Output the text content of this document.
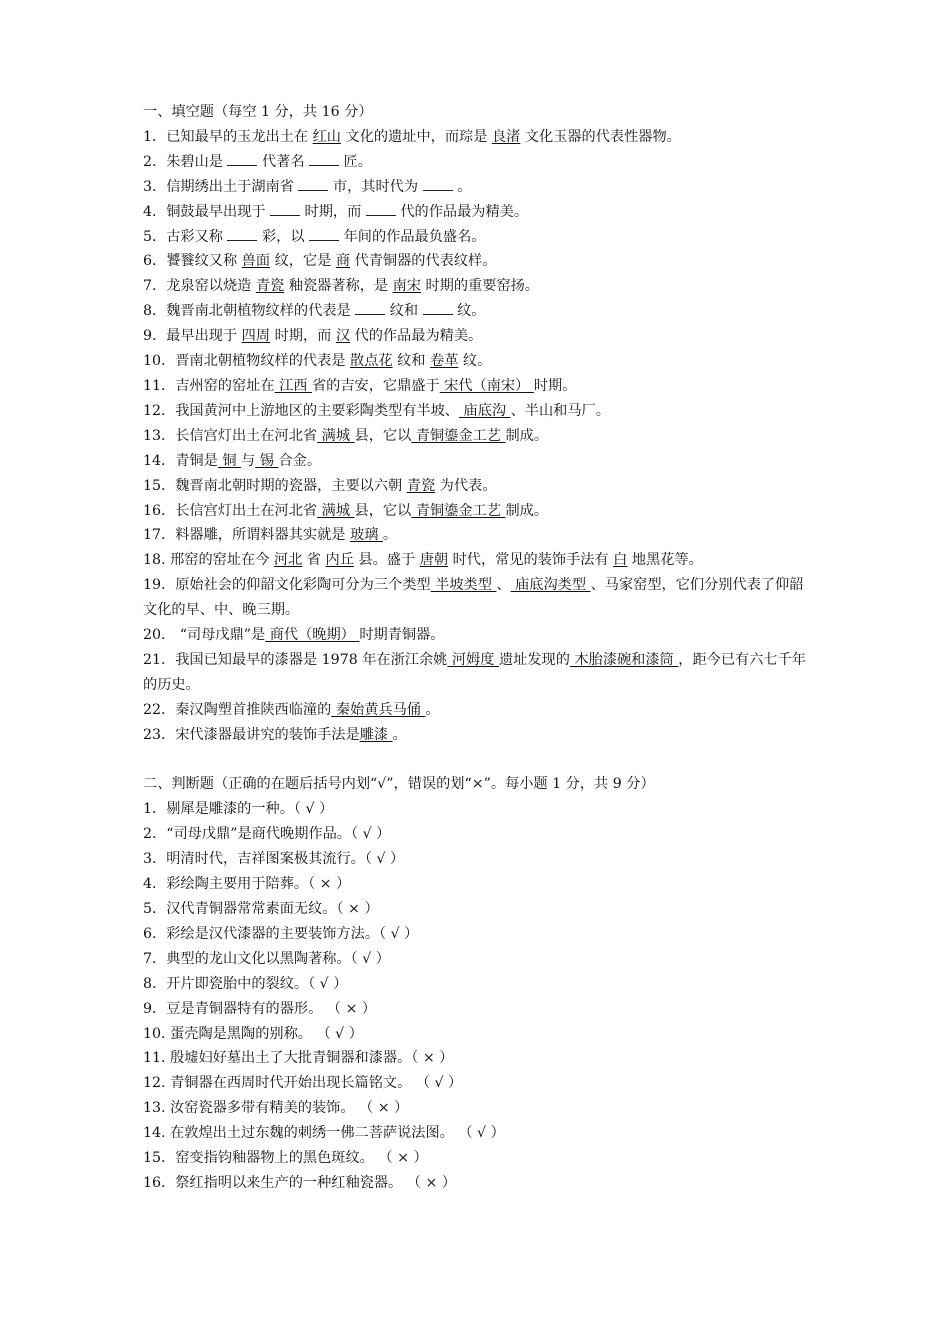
一、填空题（每空 1 分，共 16 分）
1．已知最早的玉龙出土在 红山 文化的遗址中，而琮是 良渚 文化玉器的代表性器物。
2．朱碧山是  代著名  匠。
3．信期绣出土于湖南省  市，其时代为  。
4．铜鼓最早出现于  时期，而  代的作品最为精美。
5．古彩又称  彩，以  年间的作品最负盛名。
6．饕餮纹又称 兽面 纹，它是 商 代青铜器的代表纹样。
7．龙泉窑以烧造 青瓷 釉瓷器著称，是 南宋 时期的重要窑扬。
8．魏晋南北朝植物纹样的代表是  纹和  纹。
9．最早出现于 四周 时期，而 汉 代的作品最为精美。
10．晋南北朝植物纹样的代表是 散点花 纹和 卷革 纹。
11．吉州窑的窑址在 江西 省的吉安，它鼎盛于 宋代（南宋） 时期。
12．我国黄河中上游地区的主要彩陶类型有半坡、 庙底沟 、半山和马厂。
13．长信宫灯出土在河北省 满城 县，它以 青铜鎏金工艺 制成。
14．青铜是 铜 与 锡 合金。
15．魏晋南北朝时期的瓷器，主要以六朝 青瓷 为代表。
16．长信宫灯出土在河北省 满城 县，它以 青铜鎏金工艺 制成。
17．料器雕，所谓料器其实就是 玻璃 。
18. 邢窑的窑址在今 河北 省 内丘 县。盛于 唐朝 时代，常见的装饰手法有 白 地黑花等。
19．原始社会的仰韶文化彩陶可分为三个类型 半坡类型 、 庙底沟类型 、马家窑型，它们分别代表了仰韶文化的早、中、晚三期。
20． “司母戊鼎”是 商代（晚期） 时期青铜器。
21．我国已知最早的漆器是 1978 年在浙江余姚 河姆度 遗址发现的 木胎漆碗和漆筒 ，距今已有六七千年的历史。
22．秦汉陶塑首推陕西临潼的 秦始黄兵马俑 。
23．宋代漆器最讲究的装饰手法是雕漆 。
二、判断题（正确的在题后括号内划“√”，错误的划“×”。每小题 1 分，共 9 分）
1．剔犀是雕漆的一种。（ √ ）
2．“司母戊鼎”是商代晚期作品。（ √ ）
3．明清时代，吉祥图案极其流行。（ √ ）
4．彩绘陶主要用于陪葬。（ × ）
5．汉代青铜器常常素面无纹。（ × ）
6．彩绘是汉代漆器的主要装饰方法。（ √ ）
7．典型的龙山文化以黑陶著称。（ √ ）
8．开片即瓷胎中的裂纹。（ √ ）
9．豆是青铜器特有的器形。 （ × ）
10. 蛋壳陶是黑陶的别称。 （ √ ）
11. 殷墟妇好墓出土了大批青铜器和漆器。（ × ）
12. 青铜器在西周时代开始出现长篇铭文。 （ √ ）
13. 汝窑瓷器多带有精美的装饰。 （ × ）
14. 在敦煌出土过东魏的刺绣一佛二菩萨说法图。 （ √ ）
15．窑变指钧釉器物上的黑色斑纹。 （ × ）
16．祭红指明以来生产的一种红釉瓷器。 （ × ）
